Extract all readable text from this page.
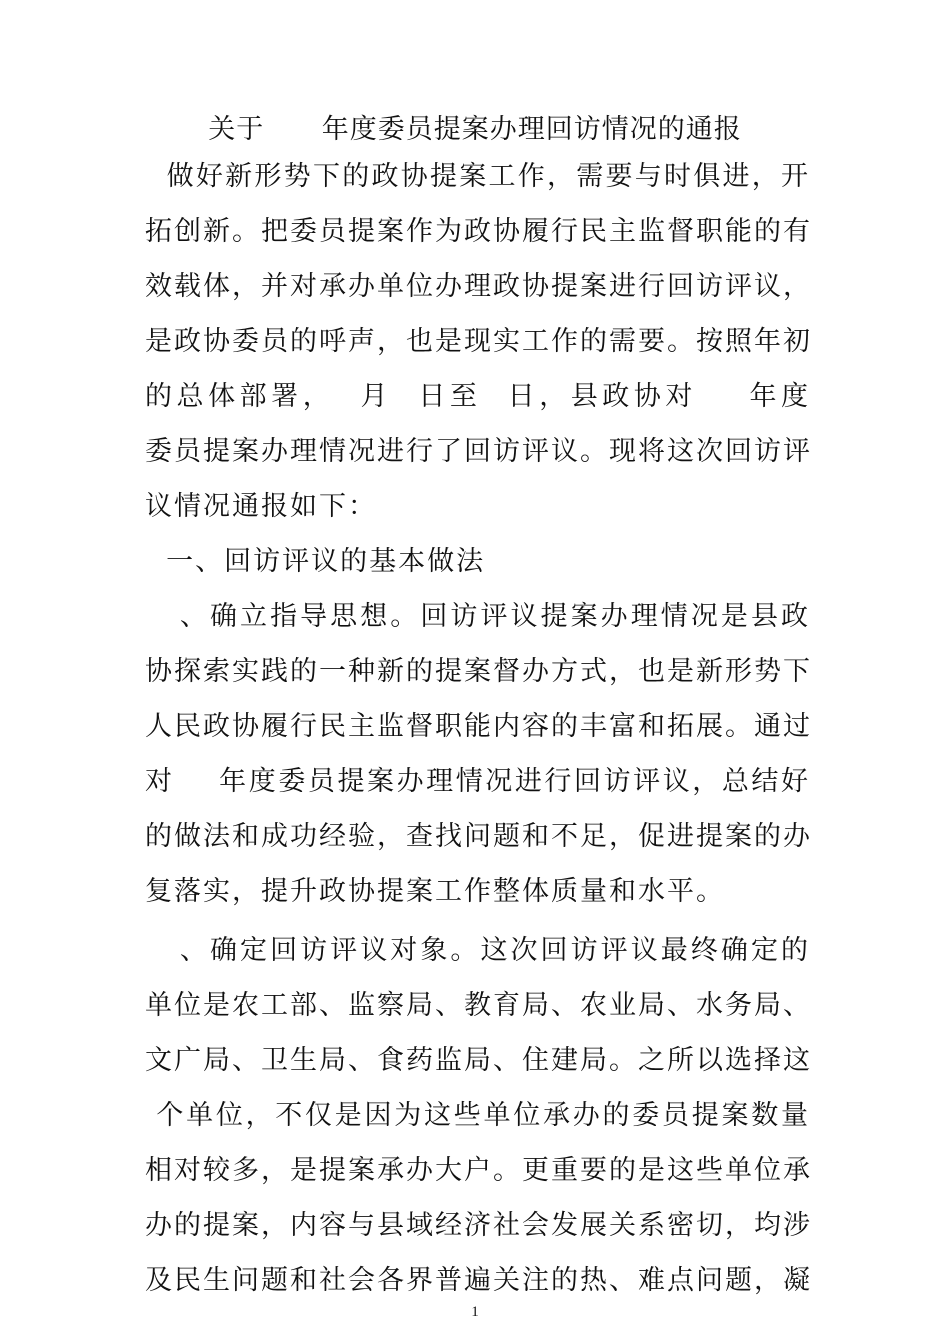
关于      年度委员提案办理回访情况的通报
做好新形势下的政协提案工作，需要与时俱进，开
拓创新。把委员提案作为政协履行民主监督职能的有
效载体，并对承办单位办理政协提案进行回访评议，
是政协委员的呼声，也是现实工作的需要。按照年初
的总体部署，  月  日至  日，县政协对    年度
委员提案办理情况进行了回访评议。现将这次回访评
议情况通报如下：
一、回访评议的基本做法
、确立指导思想。回访评议提案办理情况是县政
协探索实践的一种新的提案督办方式，也是新形势下
人民政协履行民主监督职能内容的丰富和拓展。通过
对    年度委员提案办理情况进行回访评议，总结好
的做法和成功经验，查找问题和不足，促进提案的办
复落实，提升政协提案工作整体质量和水平。
、确定回访评议对象。这次回访评议最终确定的
单位是农工部、监察局、教育局、农业局、水务局、
文广局、卫生局、食药监局、住建局。之所以选择这
个单位，不仅是因为这些单位承办的委员提案数量
相对较多，是提案承办大户。更重要的是这些单位承
办的提案，内容与县域经济社会发展关系密切，均涉
及民生问题和社会各界普遍关注的热、难点问题，凝
1
